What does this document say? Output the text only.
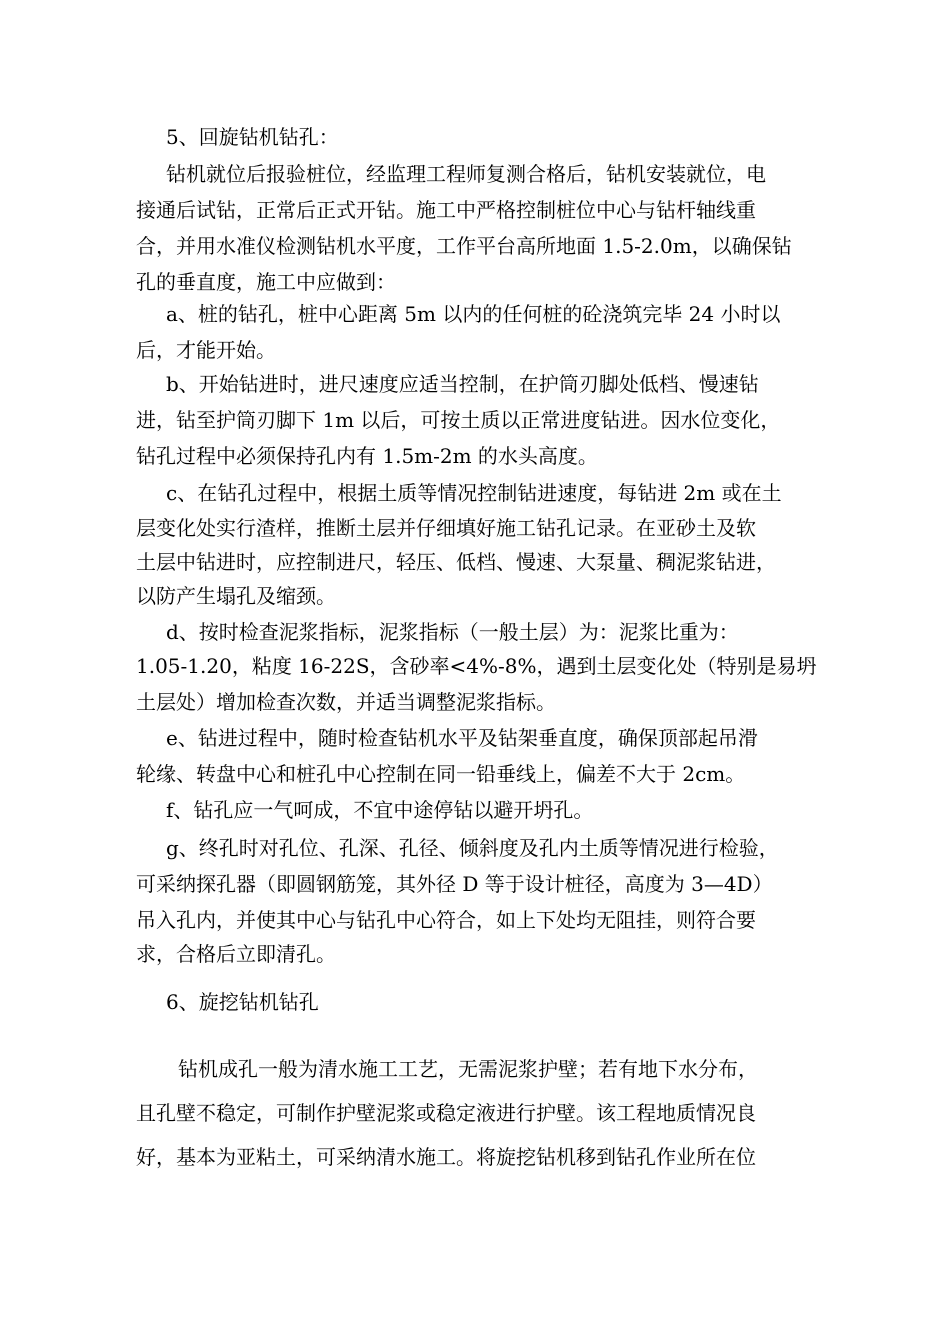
5、回旋钻机钻孔：
钻机就位后报验桩位，经监理工程师复测合格后，钻机安装就位，电
接通后试钻，正常后正式开钻。施工中严格控制桩位中心与钻杆轴线重
合，并用水准仪检测钻机水平度，工作平台高所地面 1.5-2.0m，以确保钻
孔的垂直度，施工中应做到：
a、桩的钻孔，桩中心距离 5m 以内的任何桩的砼浇筑完毕 24 小时以
后，才能开始。
b、开始钻进时，进尺速度应适当控制，在护筒刃脚处低档、慢速钻
进，钻至护筒刃脚下 1m 以后，可按土质以正常进度钻进。因水位变化，
钻孔过程中必须保持孔内有 1.5m-2m 的水头高度。
c、在钻孔过程中，根据土质等情况控制钻进速度，每钻进 2m 或在土
层变化处实行渣样，推断土层并仔细填好施工钻孔记录。在亚砂土及软
土层中钻进时，应控制进尺，轻压、低档、慢速、大泵量、稠泥浆钻进，
以防产生塌孔及缩颈。
d、按时检查泥浆指标，泥浆指标（一般土层）为：泥浆比重为：
1.05-1.20，粘度 16-22S，含砂率<4%-8%，遇到土层变化处（特别是易坍
土层处）增加检查次数，并适当调整泥浆指标。
e、钻进过程中，随时检查钻机水平及钻架垂直度，确保顶部起吊滑
轮缘、转盘中心和桩孔中心控制在同一铅垂线上，偏差不大于 2cm。
f、钻孔应一气呵成，不宜中途停钻以避开坍孔。
g、终孔时对孔位、孔深、孔径、倾斜度及孔内土质等情况进行检验，
可采纳探孔器（即圆钢筋笼，其外径 D 等于设计桩径，高度为 3—4D）
吊入孔内，并使其中心与钻孔中心符合，如上下处均无阻挂，则符合要
求，合格后立即清孔。
6、旋挖钻机钻孔
钻机成孔一般为清水施工工艺，无需泥浆护壁；若有地下水分布，
且孔壁不稳定，可制作护壁泥浆或稳定液进行护壁。该工程地质情况良
好，基本为亚粘土，可采纳清水施工。将旋挖钻机移到钻孔作业所在位
